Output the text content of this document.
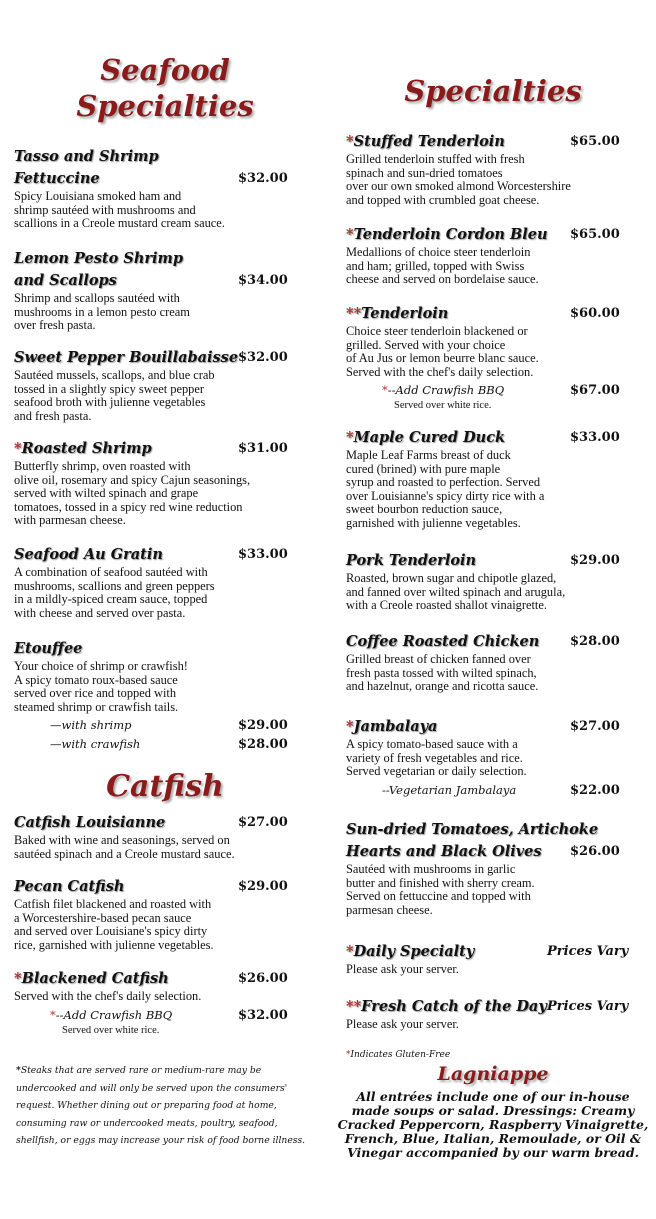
Seafood
Specialties
Catfish
Specialties
Tasso and Shrimp
Fettuccine	$32.00
Spicy Louisiana smoked ham and
shrimp sautéed with mushrooms and
scallions in a Creole mustard cream sauce.
Lemon Pesto Shrimp
and Scallops	$34.00
Shrimp and scallops sautéed with
mushrooms in a lemon pesto cream
over fresh pasta.
Sweet Pepper Bouillabaisse $32.00
Sautéed mussels, scallops, and blue crab
tossed in a slightly spicy sweet pepper
seafood broth with julienne vegetables
and fresh pasta.
*Roasted Shrimp	$31.00
Butterfly shrimp, oven roasted with
olive oil, rosemary and spicy Cajun seasonings,
served with wilted spinach and grape
tomatoes, tossed in a spicy red wine reduction
with parmesan cheese.
Seafood Au Gratin	$33.00
A combination of seafood sautéed with
mushrooms, scallions and green peppers
in a mildly-spiced cream sauce, topped
with cheese and served over pasta.
Etouffee
Your choice of shrimp or crawfish!
A spicy tomato roux-based sauce
served over rice and topped with
steamed shrimp or crawfish tails.
—with shrimp	$29.00
—with crawfish	$28.00
Catfish Louisianne	$27.00
Baked with wine and seasonings, served on
sautéed spinach and a Creole mustard sauce.
Pecan Catfish	$29.00
Catfish filet blackened and roasted with
a Worcestershire-based pecan sauce
and served over Louisiane's spicy dirty
rice, garnished with julienne vegetables.
*Blackened Catfish	$26.00
Served with the chef's daily selection.
*--Add Crawfish BBQ	$32.00
Served over white rice.
*Stuffed Tenderloin	$65.00
Grilled tenderloin stuffed with fresh
spinach and sun-dried tomatoes
over our own smoked almond Worcestershire
and topped with crumbled goat cheese.
*Tenderloin Cordon Bleu	$65.00
Medallions of choice steer tenderloin
and ham; grilled, topped with Swiss
cheese and served on bordelaise sauce.
**Tenderloin	$60.00
Choice steer tenderloin blackened or
grilled. Served with your choice
of Au Jus or lemon beurre blanc sauce.
Served with the chef's daily selection.
*--Add Crawfish BBQ	$67.00
Served over white rice.
*Maple Cured Duck	$33.00
Maple Leaf Farms breast of duck
cured (brined) with pure maple
syrup and roasted to perfection. Served
over Louisianne's spicy dirty rice with a
sweet bourbon reduction sauce,
garnished with julienne vegetables.
Pork Tenderloin	$29.00
Roasted, brown sugar and chipotle glazed,
and fanned over wilted spinach and arugula,
with a Creole roasted shallot vinaigrette.
Coffee Roasted Chicken	$28.00
Grilled breast of chicken fanned over
fresh pasta tossed with wilted spinach,
and hazelnut, orange and ricotta sauce.
*Jambalaya	$27.00
A spicy tomato-based sauce with a
variety of fresh vegetables and rice.
Served vegetarian or daily selection.
--Vegetarian Jambalaya	$22.00
Sun-dried Tomatoes, Artichoke
Hearts and Black Olives	$26.00
Sautéed with mushrooms in garlic
butter and finished with sherry cream.
Served on fettuccine and topped with
parmesan cheese.
*Daily Specialty	Prices Vary
Please ask your server.
**Fresh Catch of the Day Prices Vary
Please ask your server.
*Steaks that are served rare or medium-rare may be undercooked and will only be served upon the consumers' request. Whether dining out or preparing food at home, consuming raw or undercooked meats, poultry, seafood, shellfish, or eggs may increase your risk of food borne illness.
*Indicates Gluten-Free
Lagniappe
All entrées include one of our in-house made soups or salad. Dressings: Creamy Cracked Peppercorn, Raspberry Vinaigrette, French, Blue, Italian, Remoulade, or Oil & Vinegar accompanied by our warm bread.
